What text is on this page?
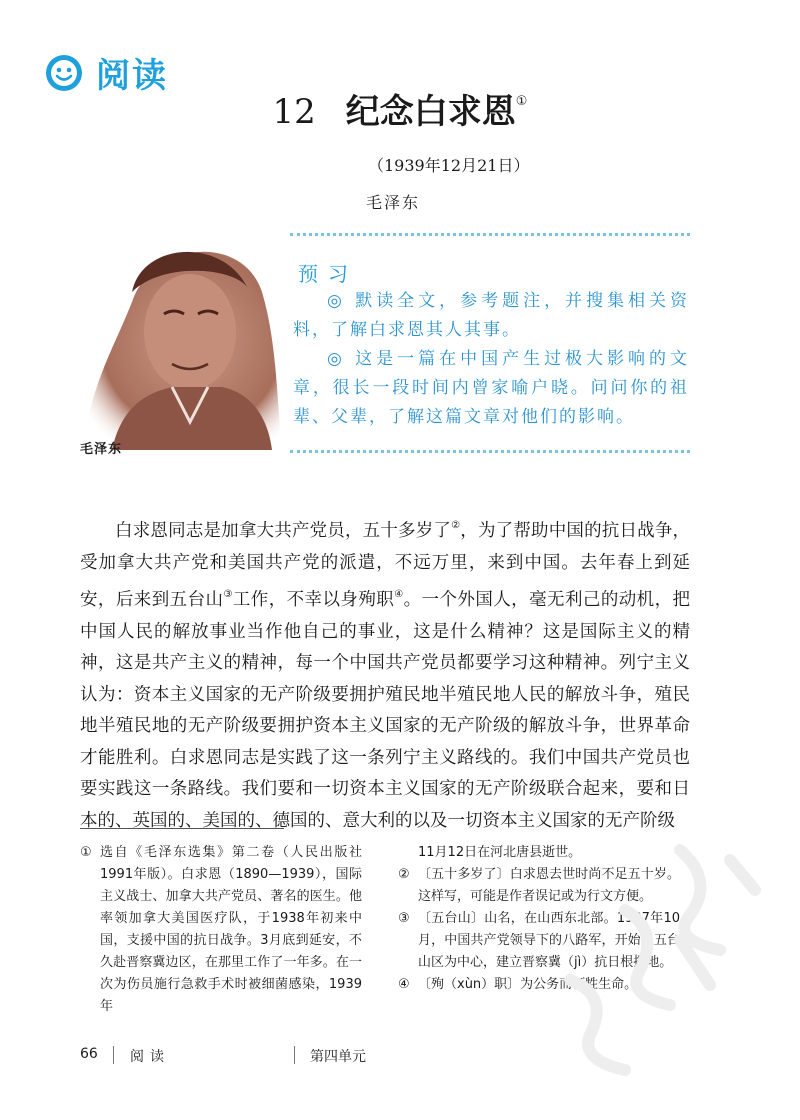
阅读
12 纪念白求恩①
（1939年12月21日）
毛泽东
毛泽东
预习
◎ 默读全文，参考题注，并搜集相关资料，了解白求恩其人其事。
◎ 这是一篇在中国产生过极大影响的文章，很长一段时间内曾家喻户晓。问问你的祖辈、父辈，了解这篇文章对他们的影响。

白求恩同志是加拿大共产党员，五十多岁了②，为了帮助中国的抗日战争，受加拿大共产党和美国共产党的派遣，不远万里，来到中国。去年春上到延安，后来到五台山③工作，不幸以身殉职④。一个外国人，毫无利己的动机，把中国人民的解放事业当作他自己的事业，这是什么精神？这是国际主义的精神，这是共产主义的精神，每一个中国共产党员都要学习这种精神。列宁主义认为：资本主义国家的无产阶级要拥护殖民地半殖民地人民的解放斗争，殖民地半殖民地的无产阶级要拥护资本主义国家的无产阶级的解放斗争，世界革命才能胜利。白求恩同志是实践了这一条列宁主义路线的。我们中国共产党员也要实践这一条路线。我们要和一切资本主义国家的无产阶级联合起来，要和日本的、英国的、美国的、德国的、意大利的以及一切资本主义国家的无产阶级

① 选自《毛泽东选集》第二卷（人民出版社1991年版）。白求恩（1890—1939），国际主义战士、加拿大共产党员、著名的医生。他率领加拿大美国医疗队，于1938年初来中国，支援中国的抗日战争。3月底到延安，不久赴晋察冀边区，在那里工作了一年多。在一次为伤员施行急救手术时被细菌感染，1939年
11月12日在河北唐县逝世。
② 〔五十多岁了〕白求恩去世时尚不足五十岁。这样写，可能是作者误记或为行文方便。
③ 〔五台山〕山名，在山西东北部。1937年10月，中国共产党领导下的八路军，开始以五台山区为中心，建立晋察冀（jì）抗日根据地。
④ 〔殉（xùn）职〕为公务而牺牲生命。
66 阅读	第四单元
